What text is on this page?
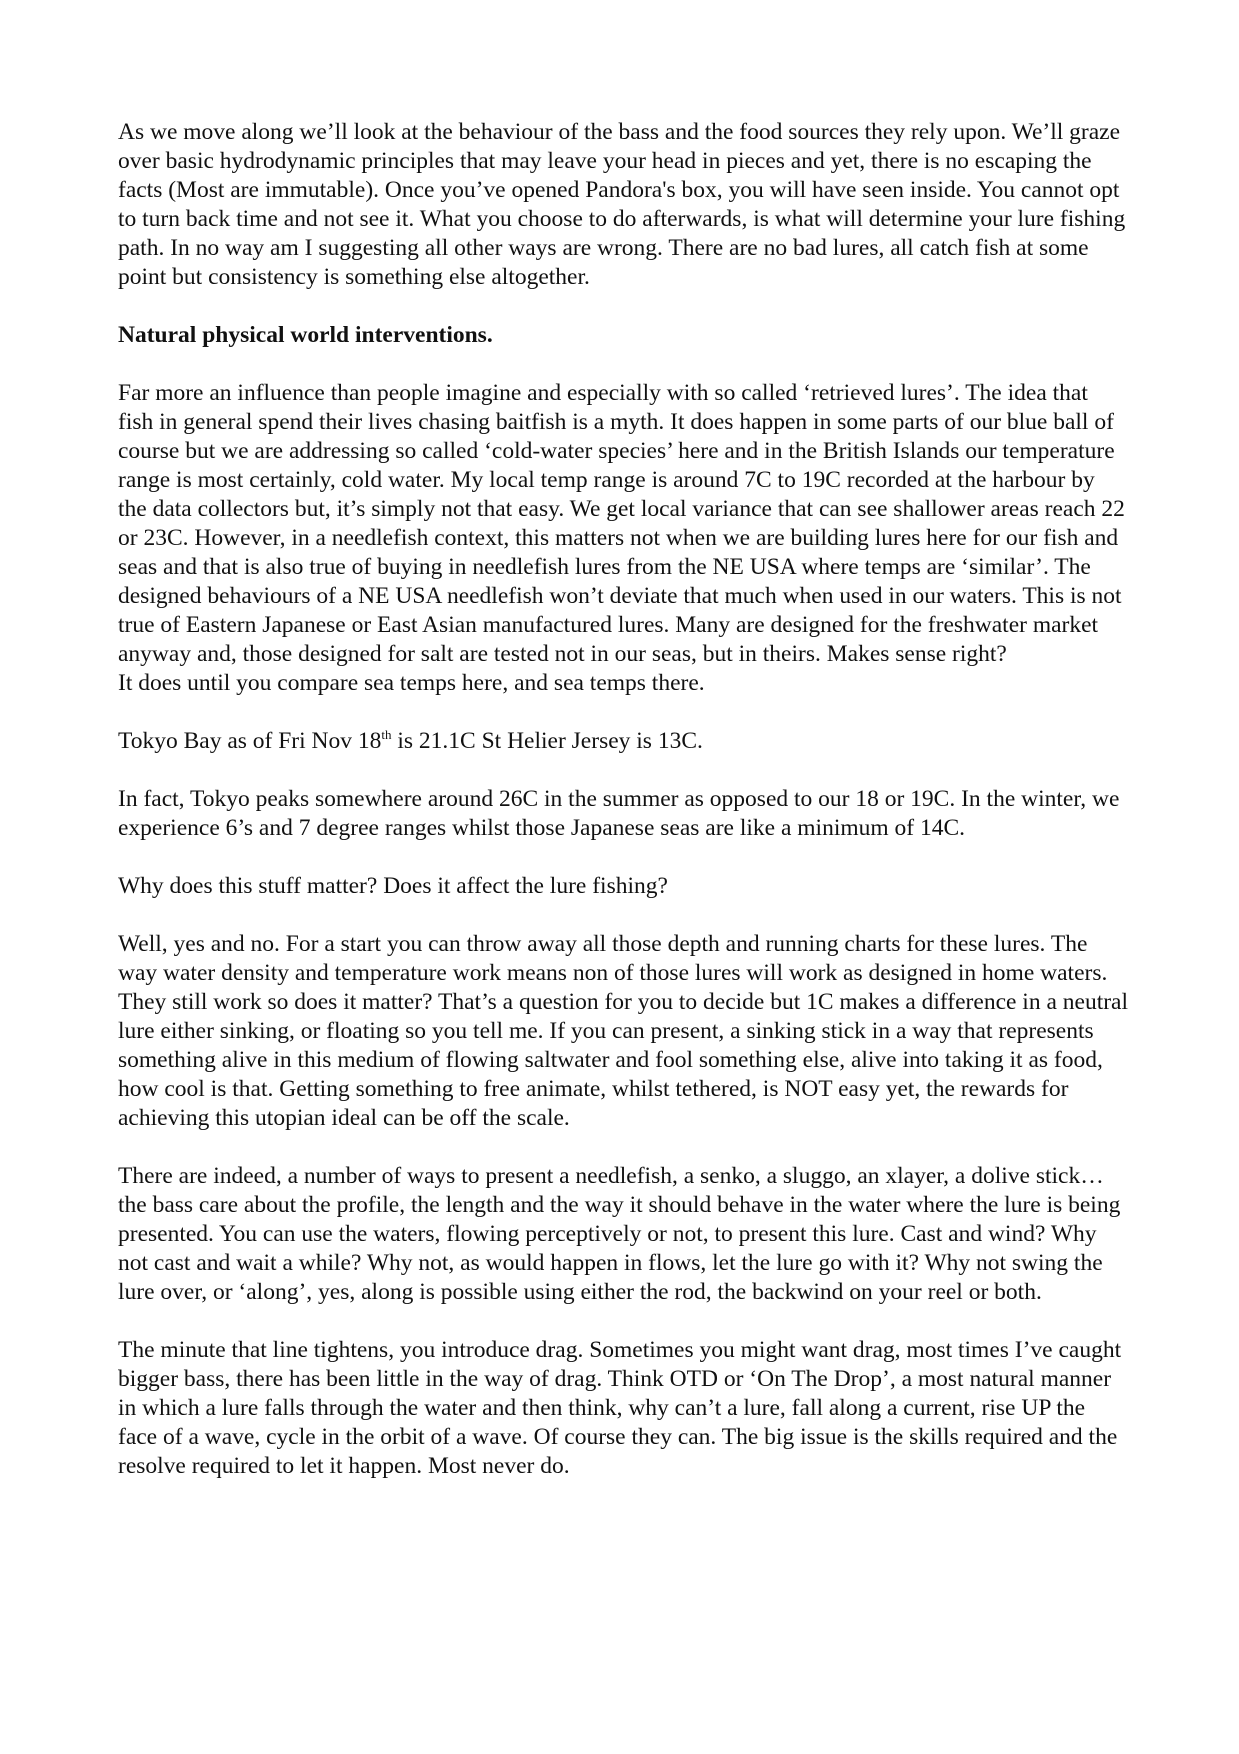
As we move along we’ll look at the behaviour of the bass and the food sources they rely upon. We’ll graze over basic hydrodynamic principles that may leave your head in pieces and yet, there is no escaping the facts (Most are immutable). Once you’ve opened Pandora's box, you will have seen inside. You cannot opt to turn back time and not see it. What you choose to do afterwards, is what will determine your lure fishing path. In no way am I suggesting all other ways are wrong. There are no bad lures, all catch fish at some point but consistency is something else altogether.

Natural physical world interventions.

Far more an influence than people imagine and especially with so called ‘retrieved lures’. The idea that fish in general spend their lives chasing baitfish is a myth. It does happen in some parts of our blue ball of course but we are addressing so called ‘cold-water species’ here and in the British Islands our temperature range is most certainly, cold water. My local temp range is around 7C to 19C recorded at the harbour by the data collectors but, it’s simply not that easy. We get local variance that can see shallower areas reach 22 or 23C. However, in a needlefish context, this matters not when we are building lures here for our fish and seas and that is also true of buying in needlefish lures from the NE USA where temps are ‘similar’. The designed behaviours of a NE USA needlefish won’t deviate that much when used in our waters. This is not true of Eastern Japanese or East Asian manufactured lures. Many are designed for the freshwater market anyway and, those designed for salt are tested not in our seas, but in theirs. Makes sense right?
It does until you compare sea temps here, and sea temps there.

Tokyo Bay as of Fri Nov 18th is 21.1C St Helier Jersey is 13C.

In fact, Tokyo peaks somewhere around 26C in the summer as opposed to our 18 or 19C. In the winter, we experience 6’s and 7 degree ranges whilst those Japanese seas are like a minimum of 14C.

Why does this stuff matter? Does it affect the lure fishing?

Well, yes and no. For a start you can throw away all those depth and running charts for these lures. The way water density and temperature work means non of those lures will work as designed in home waters. They still work so does it matter? That’s a question for you to decide but 1C makes a difference in a neutral lure either sinking, or floating so you tell me. If you can present, a sinking stick in a way that represents something alive in this medium of flowing saltwater and fool something else, alive into taking it as food, how cool is that. Getting something to free animate, whilst tethered, is NOT easy yet, the rewards for achieving this utopian ideal can be off the scale.

There are indeed, a number of ways to present a needlefish, a senko, a sluggo, an xlayer, a dolive stick… the bass care about the profile, the length and the way it should behave in the water where the lure is being presented. You can use the waters, flowing perceptively or not, to present this lure. Cast and wind? Why not cast and wait a while? Why not, as would happen in flows, let the lure go with it? Why not swing the lure over, or ‘along’, yes, along is possible using either the rod, the backwind on your reel or both.

The minute that line tightens, you introduce drag. Sometimes you might want drag, most times I’ve caught bigger bass, there has been little in the way of drag. Think OTD or ‘On The Drop’, a most natural manner in which a lure falls through the water and then think, why can’t a lure, fall along a current, rise UP the face of a wave, cycle in the orbit of a wave. Of course they can. The big issue is the skills required and the resolve required to let it happen. Most never do.
